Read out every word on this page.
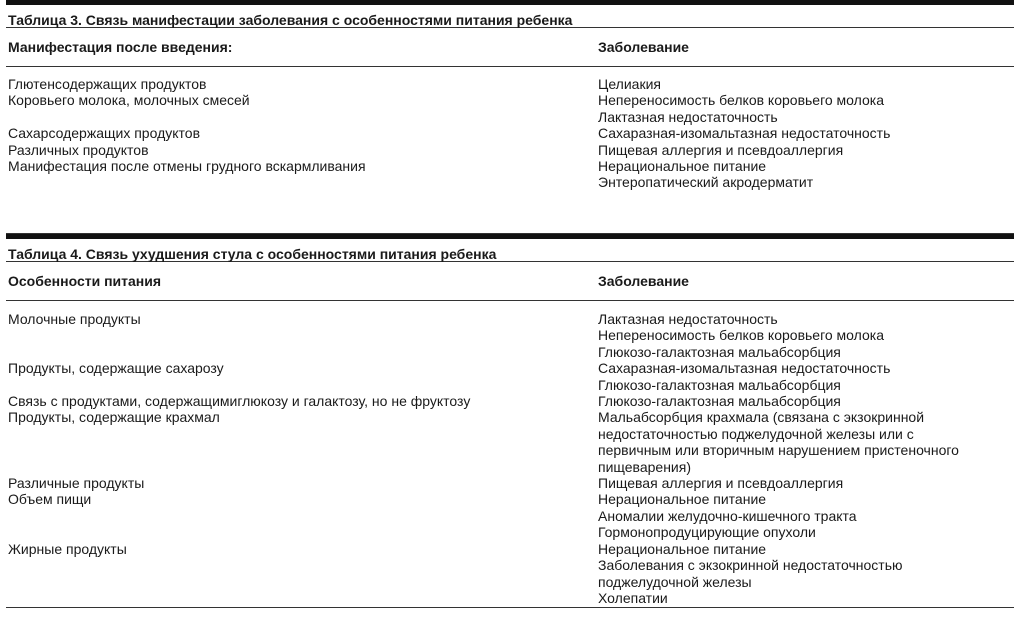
Таблица 3. Связь манифестации заболевания с особенностями питания ребенка
Манифестация после введения:	Заболевание
Глютенсодержащих продуктов	Целиакия
Коровьего молока, молочных смесей	Непереносимость белков коровьего молока
Лактазная недостаточность
Сахарсодержащих продуктов	Сахаразная-изомальтазная недостаточность
Различных продуктов	Пищевая аллергия и псевдоаллергия
Манифестация после отмены грудного вскармливания	Нерациональное питание
Энтеропатический акродерматит
Таблица 4. Связь ухудшения стула с особенностями питания ребенка
Особенности питания	Заболевание
Молочные продукты	Лактазная недостаточность
Непереносимость белков коровьего молока
Глюкозо-галактозная мальабсорбция
Продукты, содержащие сахарозу	Сахаразная-изомальтазная недостаточность
Глюкозо-галактозная мальабсорбция
Связь с продуктами, содержащимиглюкозу и галактозу, но не фруктозу	Глюкозо-галактозная мальабсорбция
Продукты, содержащие крахмал	Мальабсорбция крахмала (связана с экзокринной
недостаточностью поджелудочной железы или с
первичным или вторичным нарушением пристеночного
пищеварения)
Различные продукты	Пищевая аллергия и псевдоаллергия
Объем пищи	Нерациональное питание
Аномалии желудочно-кишечного тракта
Гормонопродуцирующие опухоли
Жирные продукты	Нерациональное питание
Заболевания с экзокринной недостаточностью
поджелудочной железы
Холепатии
